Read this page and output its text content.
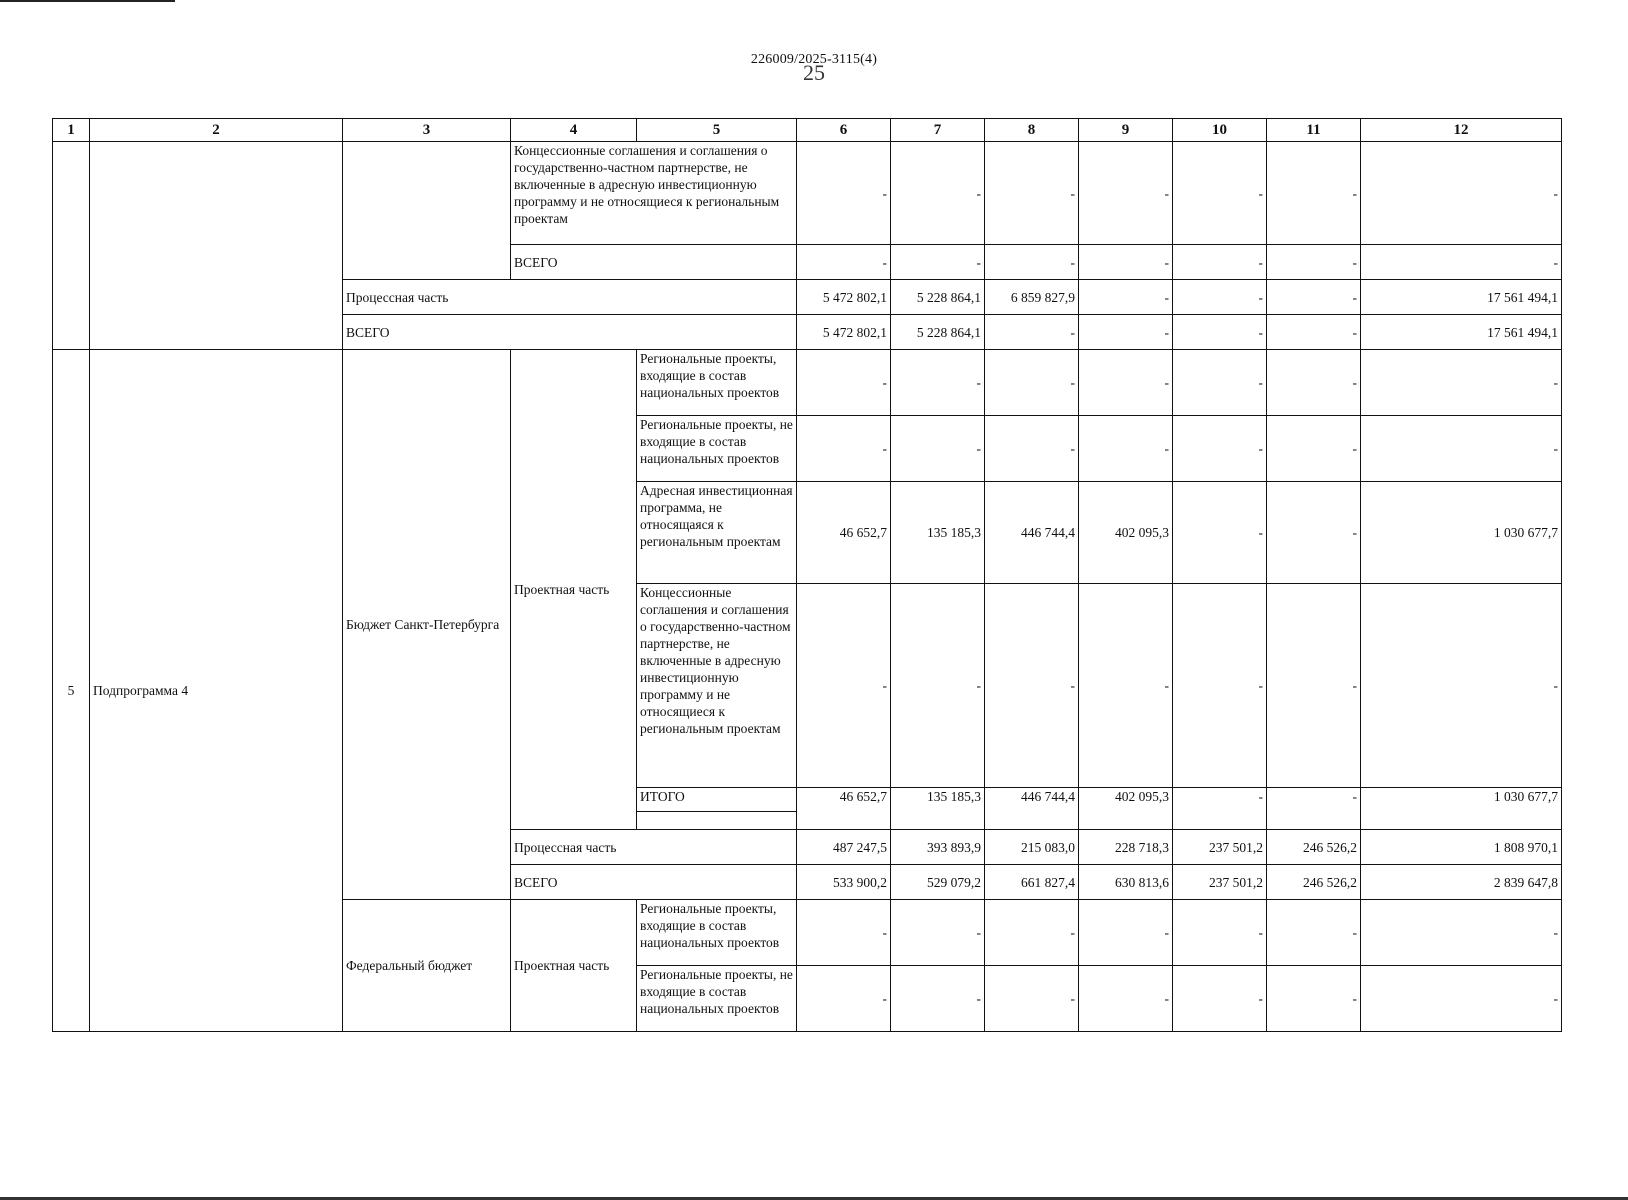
25
226009/2025-3115(4)
1	2	3	4	5	6	7	8	9	10	11	12
			Концессионные соглашения и соглашения о государственно-частном партнерстве, не включенные в адресную инвестиционную программу и не относящиеся к региональным проектам		-	-	-	-	-	-	-
			ВСЕГО		-	-	-	-	-	-	-
		Процессная часть			5 472 802,1	5 228 864,1	6 859 827,9	-	-	-	17 561 494,1
		ВСЕГО			5 472 802,1	5 228 864,1	-	-	-	-	17 561 494,1
5	Подпрограмма 4	Бюджет Санкт-Петербурга	Проектная часть	Региональные проекты, входящие в состав национальных проектов	-	-	-	-	-	-	-
				Региональные проекты, не входящие в состав национальных проектов	-	-	-	-	-	-	-
				Адресная инвестиционная программа, не относящаяся к региональным проектам	46 652,7	135 185,3	446 744,4	402 095,3	-	-	1 030 677,7
				Концессионные соглашения и соглашения о государственно-частном партнерстве, не включенные в адресную инвестиционную программу и не относящиеся к региональным проектам	-	-	-	-	-	-	-
				ИТОГО	46 652,7	135 185,3	446 744,4	402 095,3	-	-	1 030 677,7

			Процессная часть		487 247,5	393 893,9	215 083,0	228 718,3	237 501,2	246 526,2	1 808 970,1
			ВСЕГО		533 900,2	529 079,2	661 827,4	630 813,6	237 501,2	246 526,2	2 839 647,8
		Федеральный бюджет	Проектная часть	Региональные проекты, входящие в состав национальных проектов	-	-	-	-	-	-	-
				Региональные проекты, не входящие в состав национальных проектов	-	-	-	-	-	-	-
